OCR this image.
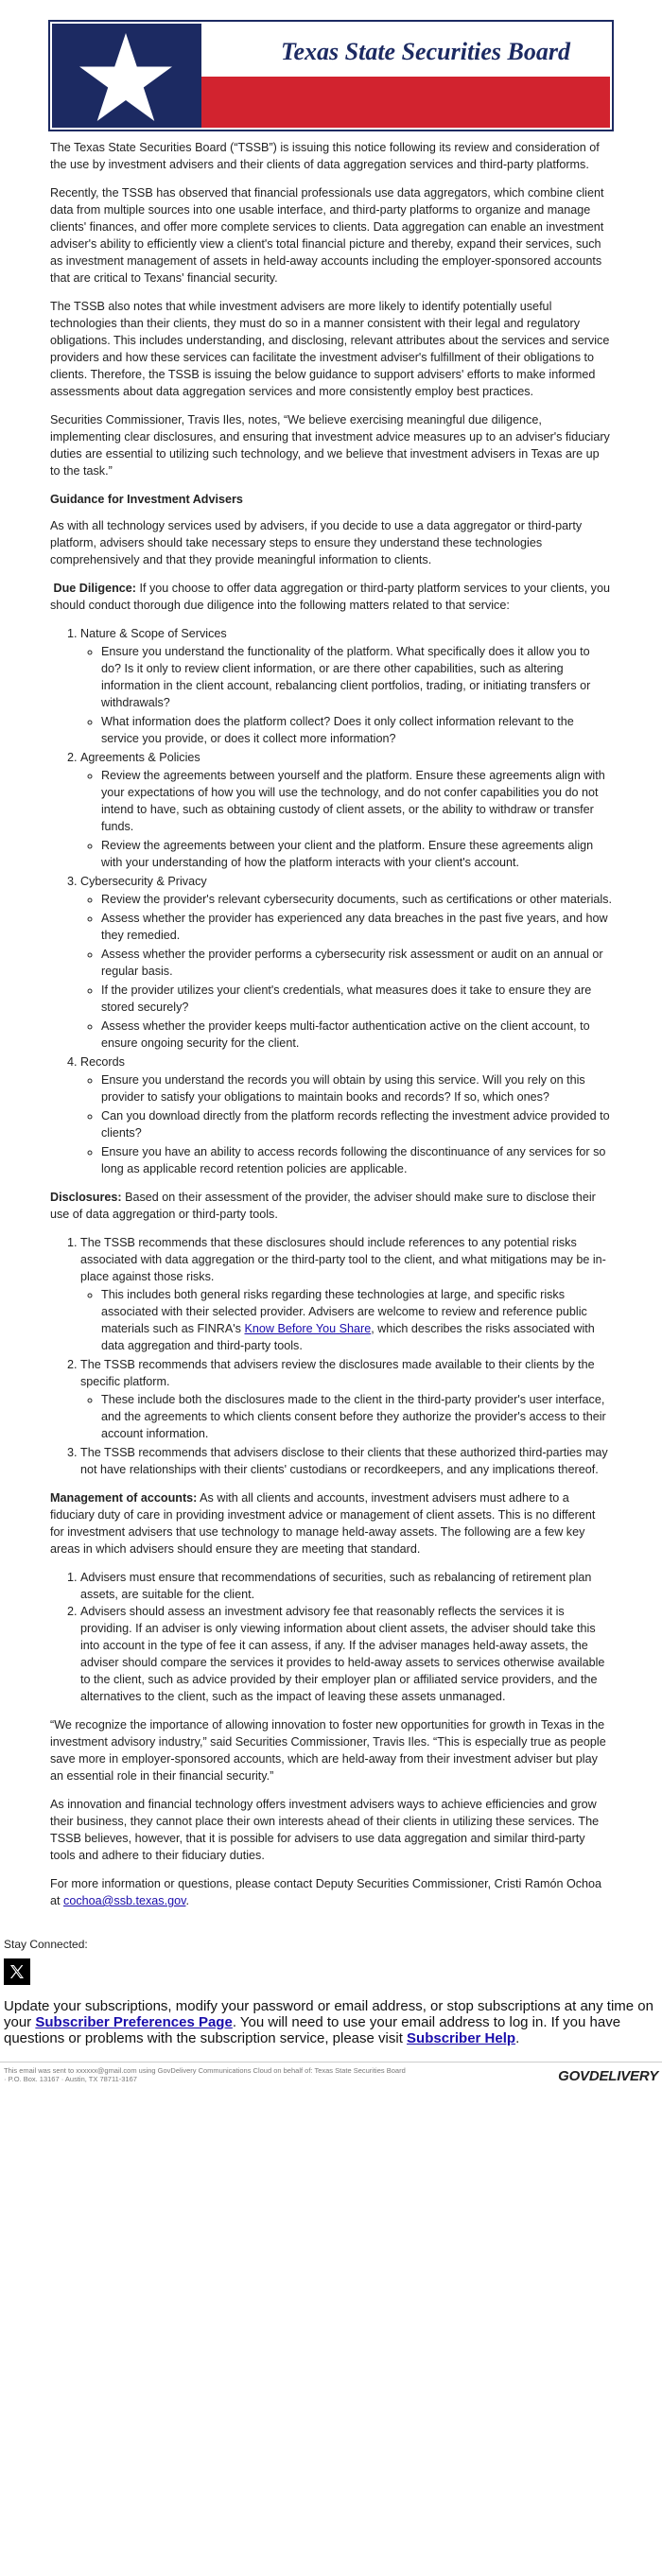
Texas State Securities Board

The Texas State Securities Board (“TSSB”) is issuing this notice following its review and consideration of the use by investment advisers and their clients of data aggregation services and third-party platforms.

Recently, the TSSB has observed that financial professionals use data aggregators, which combine client data from multiple sources into one usable interface, and third-party platforms to organize and manage clients' finances, and offer more complete services to clients. Data aggregation can enable an investment adviser's ability to efficiently view a client's total financial picture and thereby, expand their services, such as investment management of assets in held-away accounts including the employer-sponsored accounts that are critical to Texans' financial security.

The TSSB also notes that while investment advisers are more likely to identify potentially useful technologies than their clients, they must do so in a manner consistent with their legal and regulatory obligations. This includes understanding, and disclosing, relevant attributes about the services and service providers and how these services can facilitate the investment adviser's fulfillment of their obligations to clients. Therefore, the TSSB is issuing the below guidance to support advisers' efforts to make informed assessments about data aggregation services and more consistently employ best practices.

Securities Commissioner, Travis Iles, notes, “We believe exercising meaningful due diligence, implementing clear disclosures, and ensuring that investment advice measures up to an adviser's fiduciary duties are essential to utilizing such technology, and we believe that investment advisers in Texas are up to the task.”

Guidance for Investment Advisers

As with all technology services used by advisers, if you decide to use a data aggregator or third-party platform, advisers should take necessary steps to ensure they understand these technologies comprehensively and that they provide meaningful information to clients.

Due Diligence: If you choose to offer data aggregation or third-party platform services to your clients, you should conduct thorough due diligence into the following matters related to that service:

1. Nature & Scope of Services
◦ Ensure you understand the functionality of the platform. What specifically does it allow you to do? Is it only to review client information, or are there other capabilities, such as altering information in the client account, rebalancing client portfolios, trading, or initiating transfers or withdrawals?
◦ What information does the platform collect? Does it only collect information relevant to the service you provide, or does it collect more information?
2. Agreements & Policies
◦ Review the agreements between yourself and the platform. Ensure these agreements align with your expectations of how you will use the technology, and do not confer capabilities you do not intend to have, such as obtaining custody of client assets, or the ability to withdraw or transfer funds.
◦ Review the agreements between your client and the platform. Ensure these agreements align with your understanding of how the platform interacts with your client's account.
3. Cybersecurity & Privacy
◦ Review the provider's relevant cybersecurity documents, such as certifications or other materials.
◦ Assess whether the provider has experienced any data breaches in the past five years, and how they remedied.
◦ Assess whether the provider performs a cybersecurity risk assessment or audit on an annual or regular basis.
◦ If the provider utilizes your client's credentials, what measures does it take to ensure they are stored securely?
◦ Assess whether the provider keeps multi-factor authentication active on the client account, to ensure ongoing security for the client.
4. Records
◦ Ensure you understand the records you will obtain by using this service. Will you rely on this provider to satisfy your obligations to maintain books and records? If so, which ones?
◦ Can you download directly from the platform records reflecting the investment advice provided to clients?
◦ Ensure you have an ability to access records following the discontinuance of any services for so long as applicable record retention policies are applicable.

Disclosures: Based on their assessment of the provider, the adviser should make sure to disclose their use of data aggregation or third-party tools.

1. The TSSB recommends that these disclosures should include references to any potential risks associated with data aggregation or the third-party tool to the client, and what mitigations may be in-place against those risks.
◦ This includes both general risks regarding these technologies at large, and specific risks associated with their selected provider. Advisers are welcome to review and reference public materials such as FINRA's Know Before You Share, which describes the risks associated with data aggregation and third-party tools.
2. The TSSB recommends that advisers review the disclosures made available to their clients by the specific platform.
◦ These include both the disclosures made to the client in the third-party provider's user interface, and the agreements to which clients consent before they authorize the provider's access to their account information.
3. The TSSB recommends that advisers disclose to their clients that these authorized third-parties may not have relationships with their clients' custodians or recordkeepers, and any implications thereof.

Management of accounts: As with all clients and accounts, investment advisers must adhere to a fiduciary duty of care in providing investment advice or management of client assets. This is no different for investment advisers that use technology to manage held-away assets. The following are a few key areas in which advisers should ensure they are meeting that standard.

1. Advisers must ensure that recommendations of securities, such as rebalancing of retirement plan assets, are suitable for the client.
2. Advisers should assess an investment advisory fee that reasonably reflects the services it is providing. If an adviser is only viewing information about client assets, the adviser should take this into account in the type of fee it can assess, if any. If the adviser manages held-away assets, the adviser should compare the services it provides to held-away assets to services otherwise available to the client, such as advice provided by their employer plan or affiliated service providers, and the alternatives to the client, such as the impact of leaving these assets unmanaged.

“We recognize the importance of allowing innovation to foster new opportunities for growth in Texas in the investment advisory industry,” said Securities Commissioner, Travis Iles. “This is especially true as people save more in employer-sponsored accounts, which are held-away from their investment adviser but play an essential role in their financial security.”

As innovation and financial technology offers investment advisers ways to achieve efficiencies and grow their business, they cannot place their own interests ahead of their clients in utilizing these services. The TSSB believes, however, that it is possible for advisers to use data aggregation and similar third-party tools and adhere to their fiduciary duties.

For more information or questions, please contact Deputy Securities Commissioner, Cristi Ramón Ochoa at cochoa@ssb.texas.gov.

Stay Connected:
Update your subscriptions, modify your password or email address, or stop subscriptions at any time on your Subscriber Preferences Page. You will need to use your email address to log in. If you have questions or problems with the subscription service, please visit Subscriber Help.
This email was sent to xxxxxx@gmail.com using GovDelivery Communications Cloud on behalf of: Texas State Securities Board
· P.O. Box. 13167 · Austin, TX 78711-3167	GOVDELIVERY
